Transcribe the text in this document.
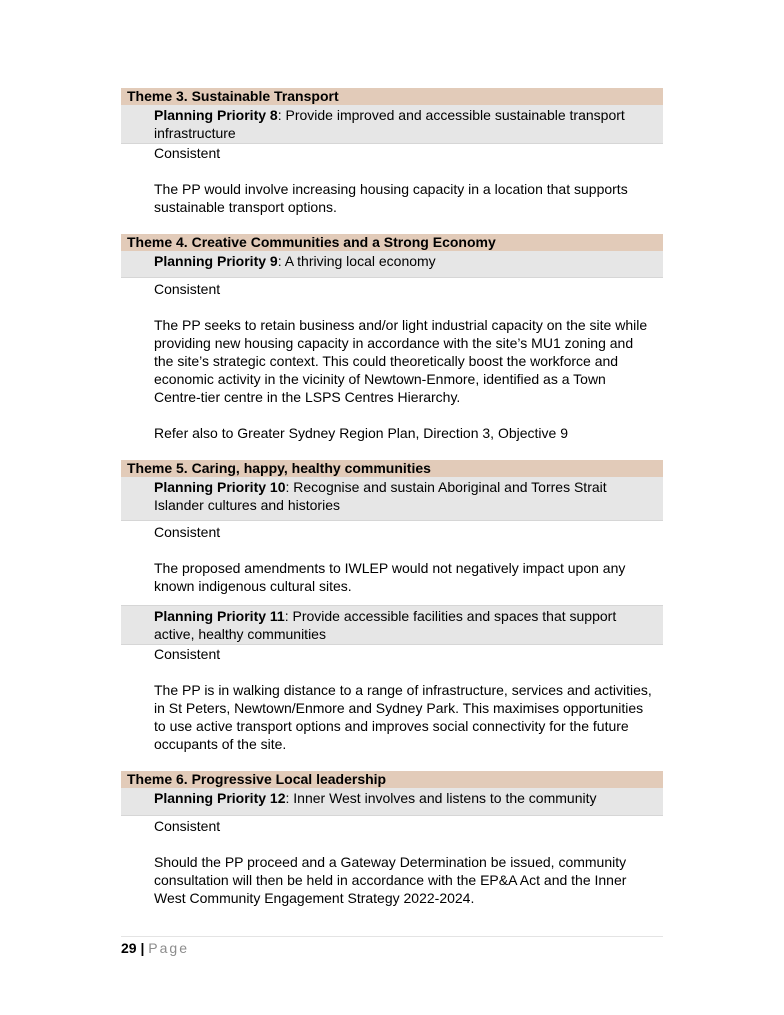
Theme 3. Sustainable Transport
Planning Priority 8: Provide improved and accessible sustainable transport infrastructure

Consistent

The PP would involve increasing housing capacity in a location that supports sustainable transport options.

Theme 4. Creative Communities and a Strong Economy
Planning Priority 9: A thriving local economy

Consistent

The PP seeks to retain business and/or light industrial capacity on the site while providing new housing capacity in accordance with the site’s MU1 zoning and the site’s strategic context. This could theoretically boost the workforce and economic activity in the vicinity of Newtown-Enmore, identified as a Town Centre-tier centre in the LSPS Centres Hierarchy.

Refer also to Greater Sydney Region Plan, Direction 3, Objective 9

Theme 5. Caring, happy, healthy communities
Planning Priority 10: Recognise and sustain Aboriginal and Torres Strait Islander cultures and histories

Consistent

The proposed amendments to IWLEP would not negatively impact upon any known indigenous cultural sites.

Planning Priority 11: Provide accessible facilities and spaces that support active, healthy communities

Consistent

The PP is in walking distance to a range of infrastructure, services and activities, in St Peters, Newtown/Enmore and Sydney Park. This maximises opportunities to use active transport options and improves social connectivity for the future occupants of the site.

Theme 6. Progressive Local leadership
Planning Priority 12: Inner West involves and listens to the community

Consistent

Should the PP proceed and a Gateway Determination be issued, community consultation will then be held in accordance with the EP&A Act and the Inner West Community Engagement Strategy 2022-2024.

29 | Page
